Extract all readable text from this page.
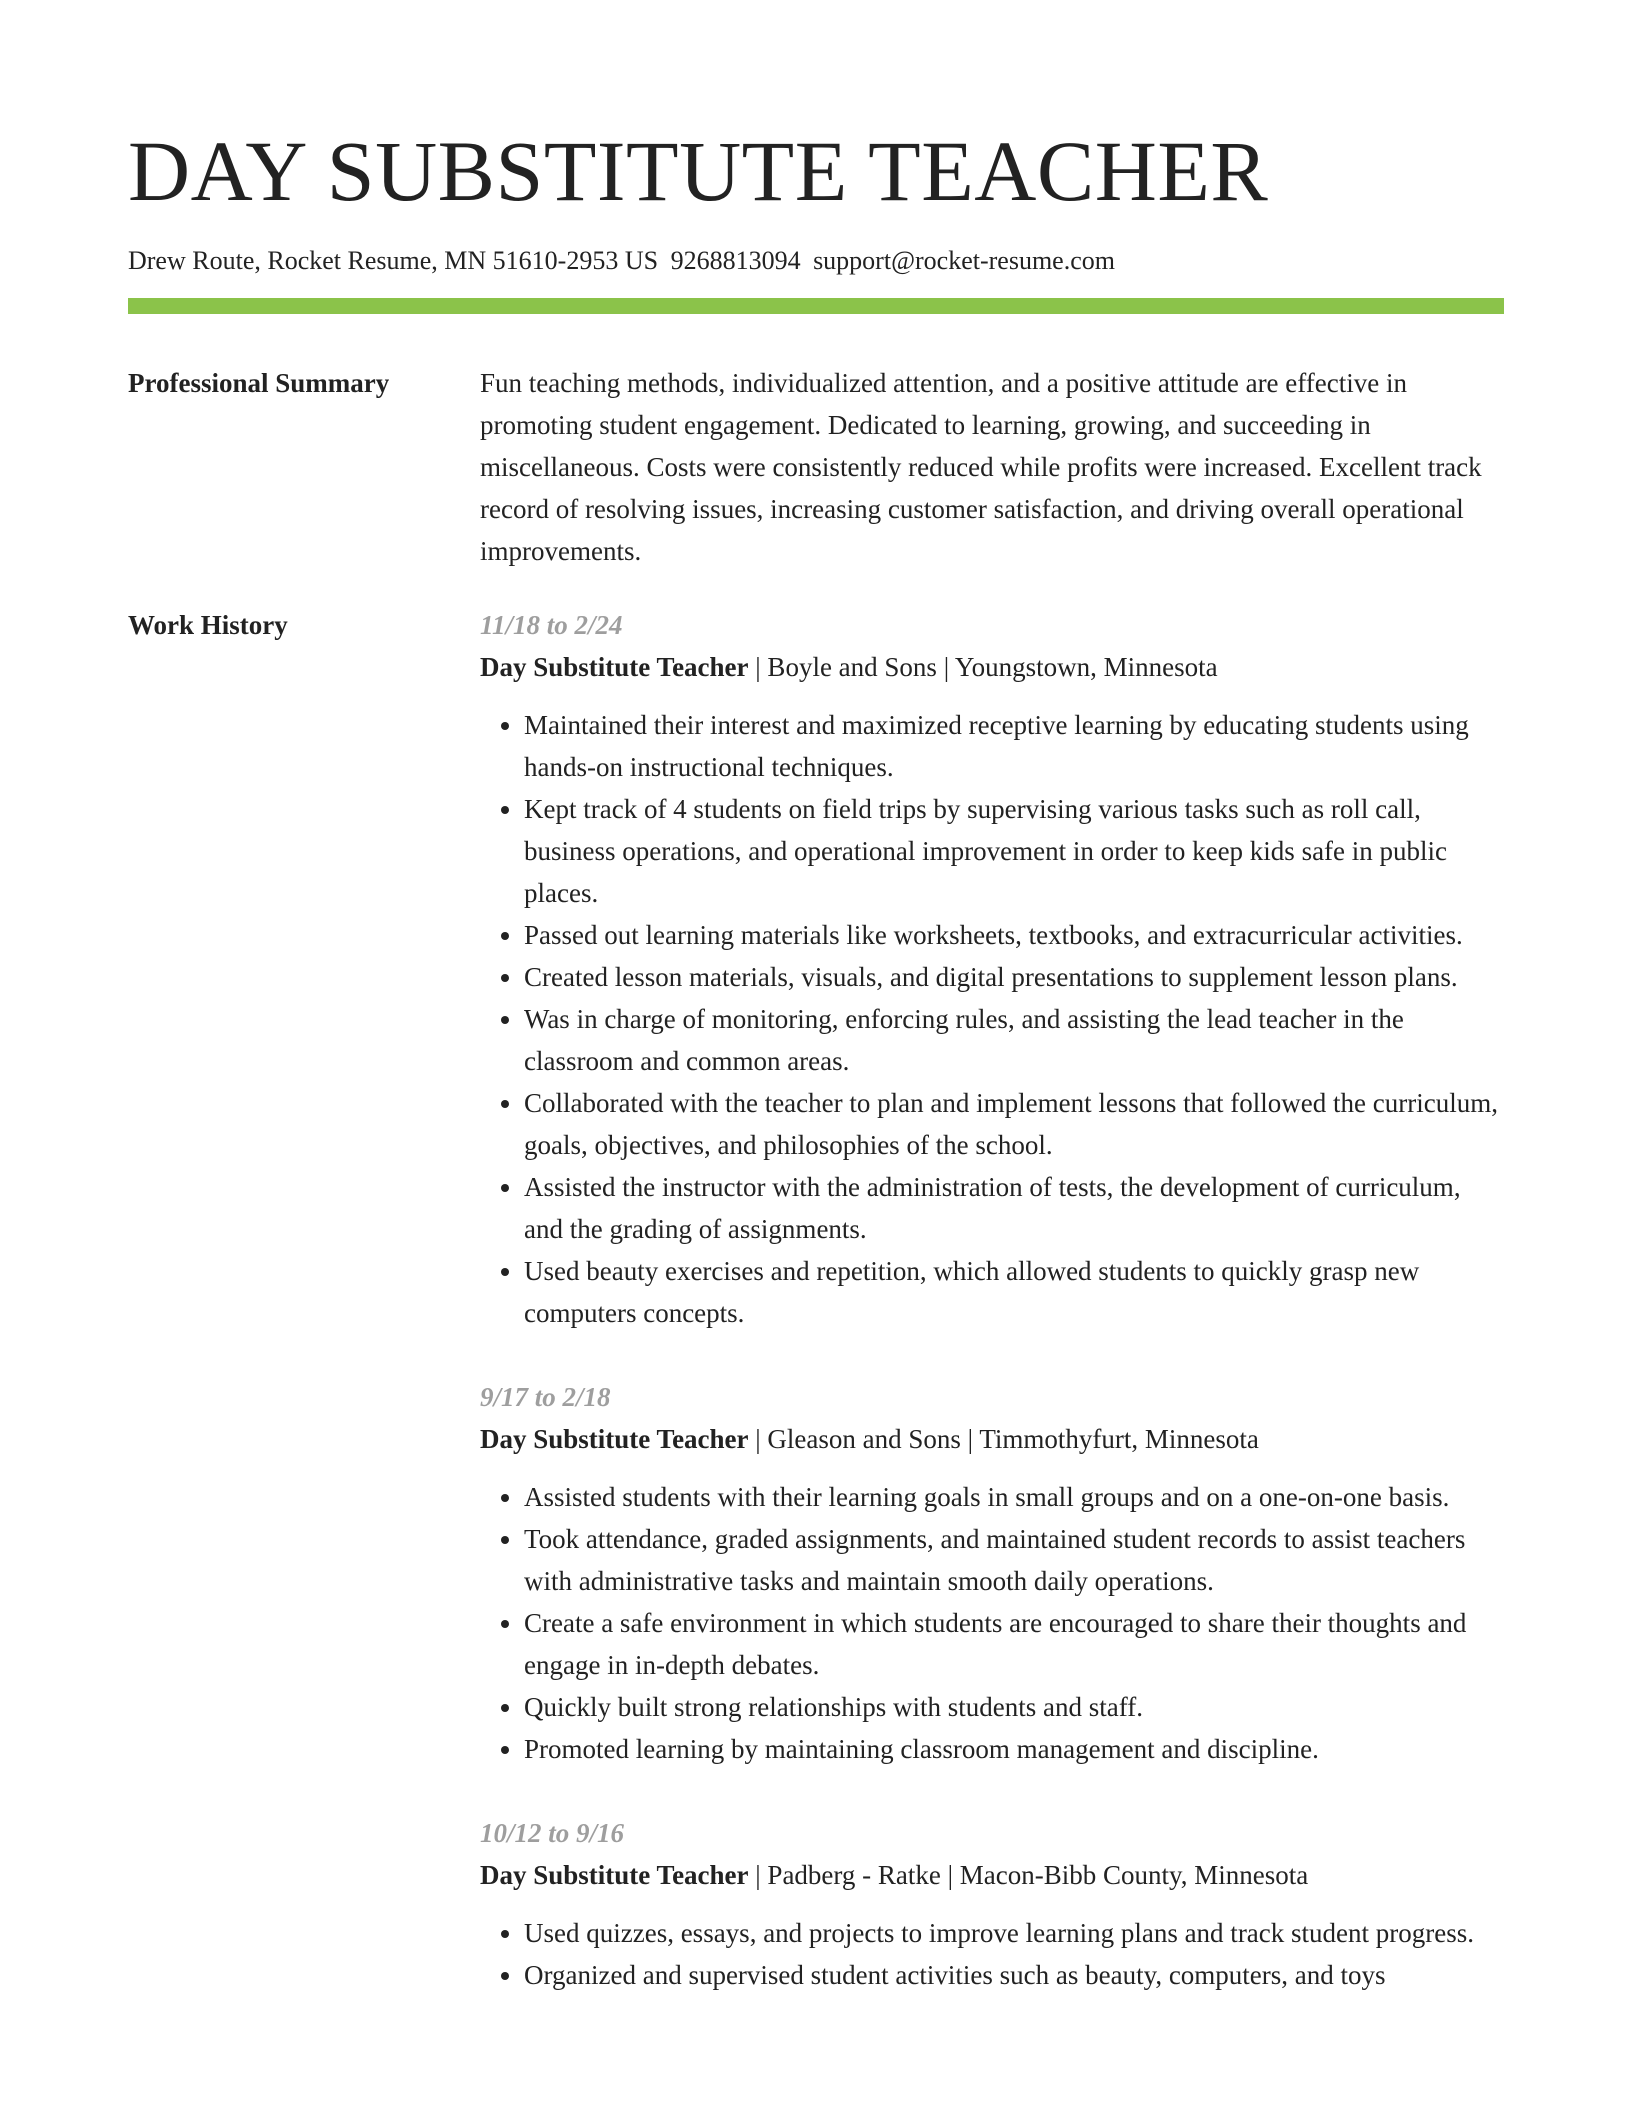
DAY SUBSTITUTE TEACHER
Drew Route, Rocket Resume, MN 51610-2953 US 9268813094 support@rocket-resume.com
Professional Summary	Fun teaching methods, individualized attention, and a positive attitude are effective in promoting student engagement. Dedicated to learning, growing, and succeeding in miscellaneous. Costs were consistently reduced while profits were increased. Excellent track record of resolving issues, increasing customer satisfaction, and driving overall operational improvements.

Work History	11/18 to 2/24
Day Substitute Teacher | Boyle and Sons | Youngstown, Minnesota
• Maintained their interest and maximized receptive learning by educating students using hands-on instructional techniques.
• Kept track of 4 students on field trips by supervising various tasks such as roll call, business operations, and operational improvement in order to keep kids safe in public places.
• Passed out learning materials like worksheets, textbooks, and extracurricular activities.
• Created lesson materials, visuals, and digital presentations to supplement lesson plans.
• Was in charge of monitoring, enforcing rules, and assisting the lead teacher in the classroom and common areas.
• Collaborated with the teacher to plan and implement lessons that followed the curriculum, goals, objectives, and philosophies of the school.
• Assisted the instructor with the administration of tests, the development of curriculum, and the grading of assignments.
• Used beauty exercises and repetition, which allowed students to quickly grasp new computers concepts.
9/17 to 2/18
Day Substitute Teacher | Gleason and Sons | Timmothyfurt, Minnesota
• Assisted students with their learning goals in small groups and on a one-on-one basis.
• Took attendance, graded assignments, and maintained student records to assist teachers with administrative tasks and maintain smooth daily operations.
• Create a safe environment in which students are encouraged to share their thoughts and engage in in-depth debates.
• Quickly built strong relationships with students and staff.
• Promoted learning by maintaining classroom management and discipline.
10/12 to 9/16
Day Substitute Teacher | Padberg - Ratke | Macon-Bibb County, Minnesota
• Used quizzes, essays, and projects to improve learning plans and track student progress.
• Organized and supervised student activities such as beauty, computers, and toys
